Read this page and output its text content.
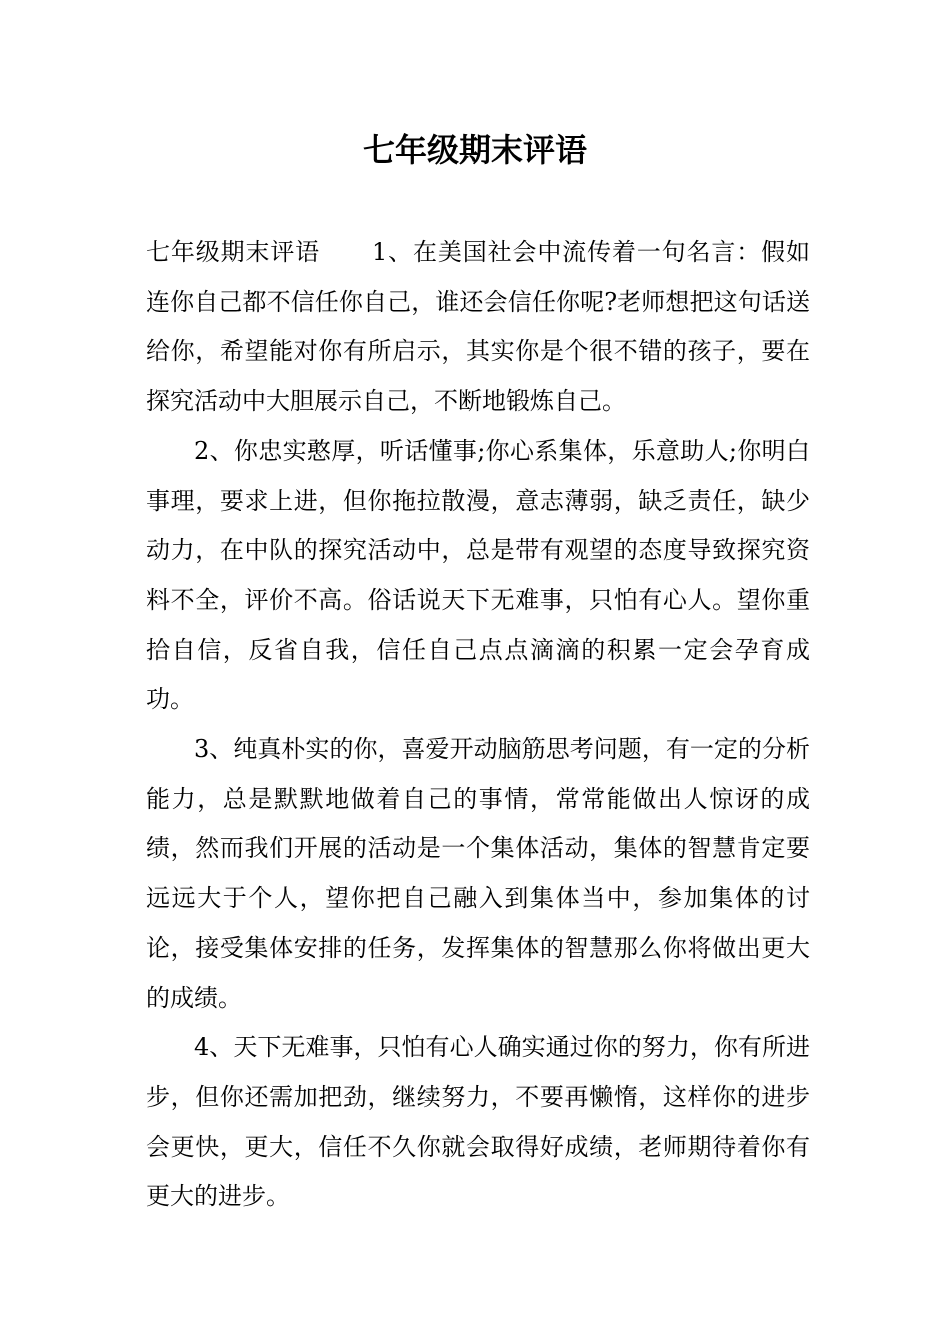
七年级期末评语

七年级期末评语 1、在美国社会中流传着一句名言：假如连你自己都不信任你自己，谁还会信任你呢?老师想把这句话送给你，希望能对你有所启示，其实你是个很不错的孩子，要在探究活动中大胆展示自己，不断地锻炼自己。

2、你忠实憨厚，听话懂事;你心系集体，乐意助人;你明白事理，要求上进，但你拖拉散漫，意志薄弱，缺乏责任，缺少动力，在中队的探究活动中，总是带有观望的态度导致探究资料不全，评价不高。俗话说天下无难事，只怕有心人。望你重拾自信，反省自我，信任自己点点滴滴的积累一定会孕育成功。

3、纯真朴实的你，喜爱开动脑筋思考问题，有一定的分析能力，总是默默地做着自己的事情，常常能做出人惊讶的成绩，然而我们开展的活动是一个集体活动，集体的智慧肯定要远远大于个人，望你把自己融入到集体当中，参加集体的讨论，接受集体安排的任务，发挥集体的智慧那么你将做出更大的成绩。

4、天下无难事，只怕有心人确实通过你的努力，你有所进步，但你还需加把劲，继续努力，不要再懒惰，这样你的进步会更快，更大，信任不久你就会取得好成绩，老师期待着你有更大的进步。
